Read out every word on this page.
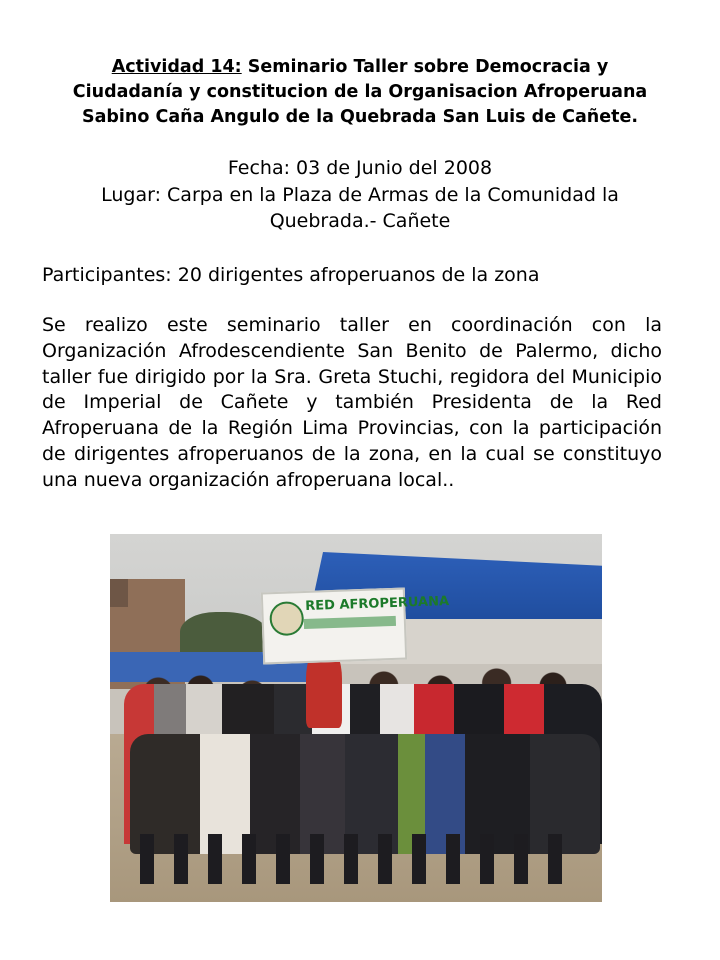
Actividad 14: Seminario Taller sobre Democracia y
Ciudadanía y constitucion de la Organisacion Afroperuana
Sabino Caña Angulo de la Quebrada San Luis de Cañete.
Fecha: 03 de Junio del 2008
Lugar: Carpa en la Plaza de Armas de la Comunidad la
Quebrada.- Cañete
Participantes: 20 dirigentes afroperuanos de la zona
Se realizo este seminario taller en coordinación con la Organización Afrodescendiente San Benito de Palermo, dicho taller fue dirigido por la Sra. Greta Stuchi, regidora del Municipio de Imperial de Cañete y también Presidenta de la Red Afroperuana de la Región Lima Provincias, con la participación de dirigentes afroperuanos de la zona, en la cual se constituyo una nueva organización afroperuana local..
RED AFROPERUANA
